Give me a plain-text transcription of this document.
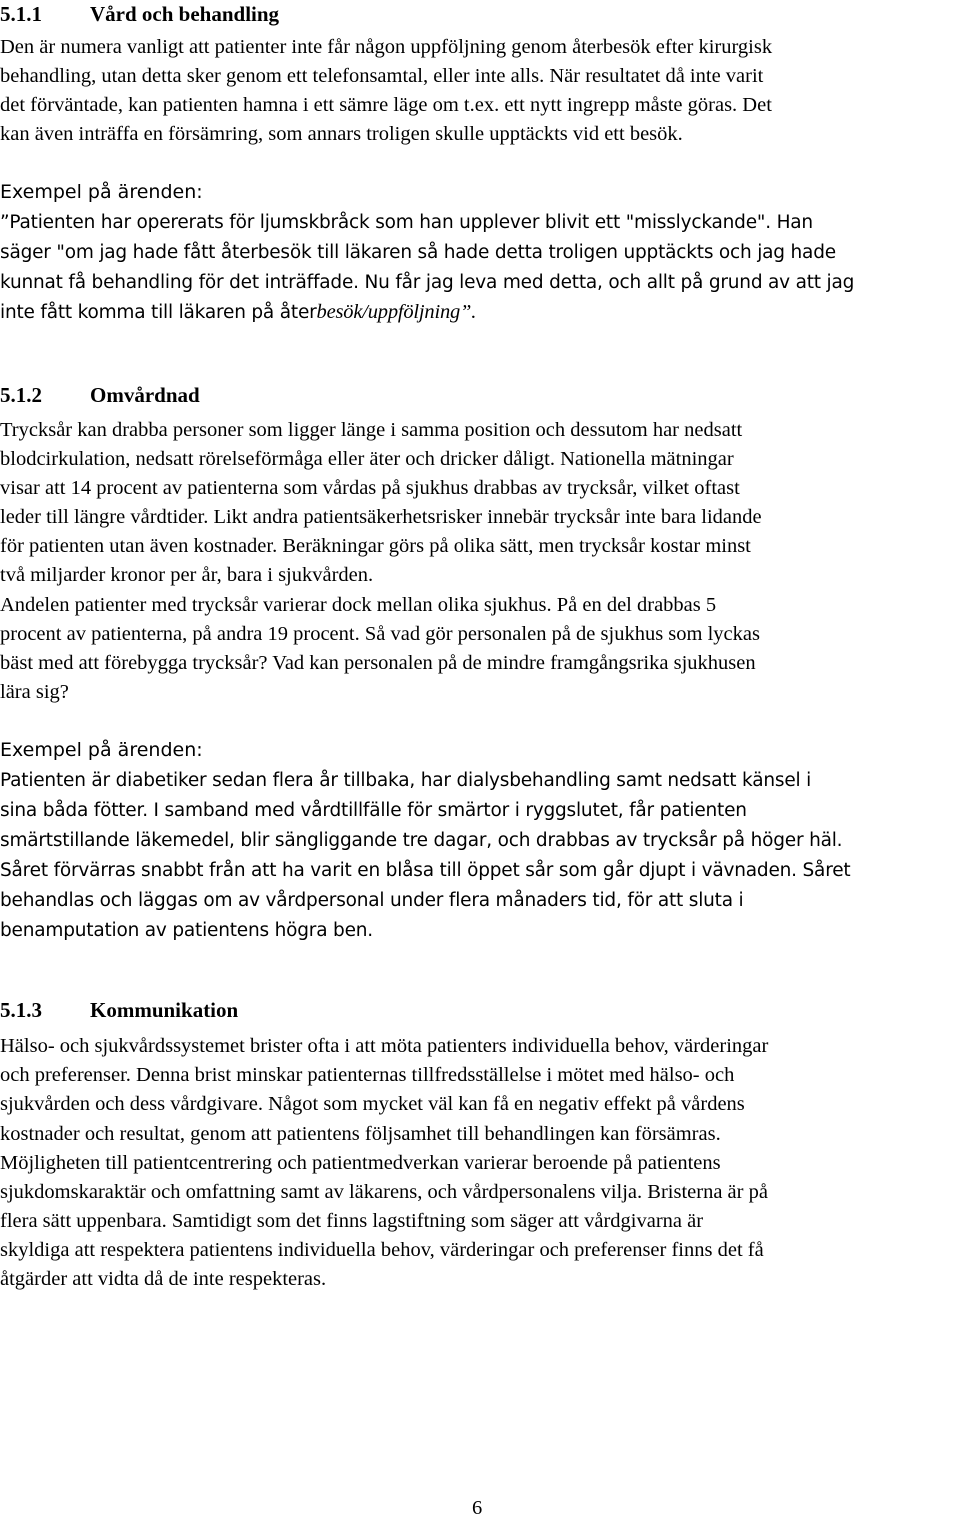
5.1.1 Vård och behandling
Den är numera vanligt att patienter inte får någon uppföljning genom återbesök efter kirurgisk
behandling, utan detta sker genom ett telefonsamtal, eller inte alls. När resultatet då inte varit
det förväntade, kan patienten hamna i ett sämre läge om t.ex. ett nytt ingrepp måste göras. Det
kan även inträffa en försämring, som annars troligen skulle upptäckts vid ett besök.
Exempel på ärenden:
”Patienten har opererats för ljumskbråck som han upplever blivit ett "misslyckande". Han
säger "om jag hade fått återbesök till läkaren så hade detta troligen upptäckts och jag hade
kunnat få behandling för det inträffade. Nu får jag leva med detta, och allt på grund av att jag
inte fått komma till läkaren på återbesök/uppföljning”.
5.1.2 Omvårdnad
Trycksår kan drabba personer som ligger länge i samma position och dessutom har nedsatt
blodcirkulation, nedsatt rörelseförmåga eller äter och dricker dåligt. Nationella mätningar
visar att 14 procent av patienterna som vårdas på sjukhus drabbas av trycksår, vilket oftast
leder till längre vårdtider. Likt andra patientsäkerhetsrisker innebär trycksår inte bara lidande
för patienten utan även kostnader. Beräkningar görs på olika sätt, men trycksår kostar minst
två miljarder kronor per år, bara i sjukvården.
Andelen patienter med trycksår varierar dock mellan olika sjukhus. På en del drabbas 5
procent av patienterna, på andra 19 procent. Så vad gör personalen på de sjukhus som lyckas
bäst med att förebygga trycksår? Vad kan personalen på de mindre framgångsrika sjukhusen
lära sig?
Exempel på ärenden:
Patienten är diabetiker sedan flera år tillbaka, har dialysbehandling samt nedsatt känsel i
sina båda fötter. I samband med vårdtillfälle för smärtor i ryggslutet, får patienten
smärtstillande läkemedel, blir sängliggande tre dagar, och drabbas av trycksår på höger häl.
Såret förvärras snabbt från att ha varit en blåsa till öppet sår som går djupt i vävnaden. Såret
behandlas och läggas om av vårdpersonal under flera månaders tid, för att sluta i
benamputation av patientens högra ben.
5.1.3 Kommunikation
Hälso- och sjukvårdssystemet brister ofta i att möta patienters individuella behov, värderingar
och preferenser. Denna brist minskar patienternas tillfredsställelse i mötet med hälso- och
sjukvården och dess vårdgivare. Något som mycket väl kan få en negativ effekt på vårdens
kostnader och resultat, genom att patientens följsamhet till behandlingen kan försämras.
Möjligheten till patientcentrering och patientmedverkan varierar beroende på patientens
sjukdomskaraktär och omfattning samt av läkarens, och vårdpersonalens vilja. Bristerna är på
flera sätt uppenbara. Samtidigt som det finns lagstiftning som säger att vårdgivarna är
skyldiga att respektera patientens individuella behov, värderingar och preferenser finns det få
åtgärder att vidta då de inte respekteras.
6
